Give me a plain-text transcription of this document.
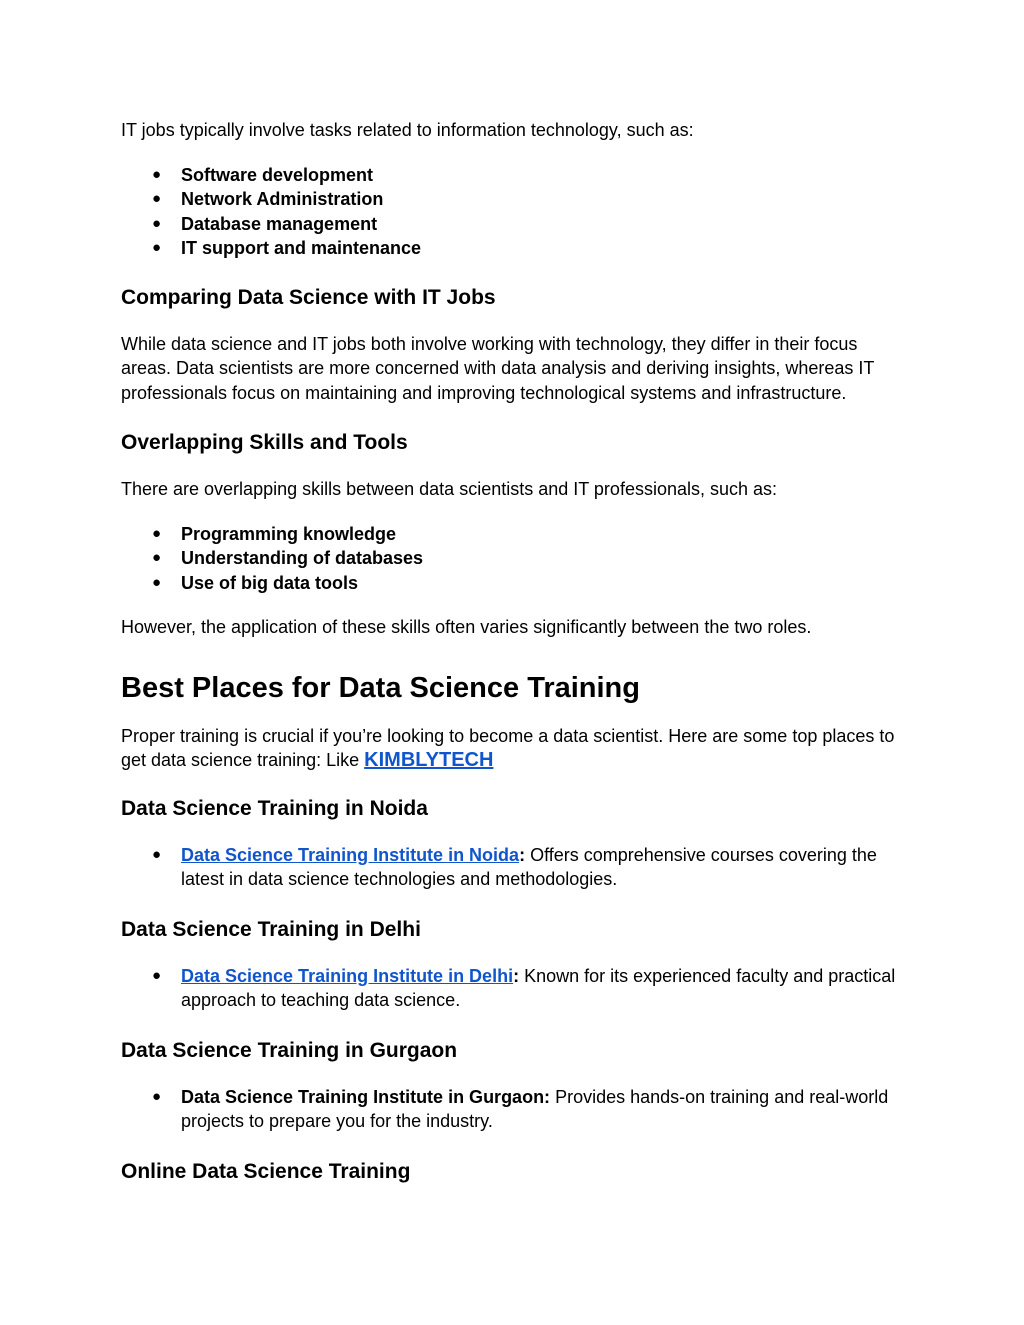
IT jobs typically involve tasks related to information technology, such as:

● Software development
● Network Administration
● Database management
● IT support and maintenance
Comparing Data Science with IT Jobs

While data science and IT jobs both involve working with technology, they differ in their focus areas. Data scientists are more concerned with data analysis and deriving insights, whereas IT professionals focus on maintaining and improving technological systems and infrastructure.

Overlapping Skills and Tools

There are overlapping skills between data scientists and IT professionals, such as:

● Programming knowledge
● Understanding of databases
● Use of big data tools

However, the application of these skills often varies significantly between the two roles.

Best Places for Data Science Training

Proper training is crucial if you’re looking to become a data scientist. Here are some top places to get data science training: Like KIMBLYTECH

Data Science Training in Noida
● Data Science Training Institute in Noida: Offers comprehensive courses covering the latest in data science technologies and methodologies.
Data Science Training in Delhi
● Data Science Training Institute in Delhi: Known for its experienced faculty and practical approach to teaching data science.
Data Science Training in Gurgaon
● Data Science Training Institute in Gurgaon: Provides hands-on training and real-world projects to prepare you for the industry.
Online Data Science Training
